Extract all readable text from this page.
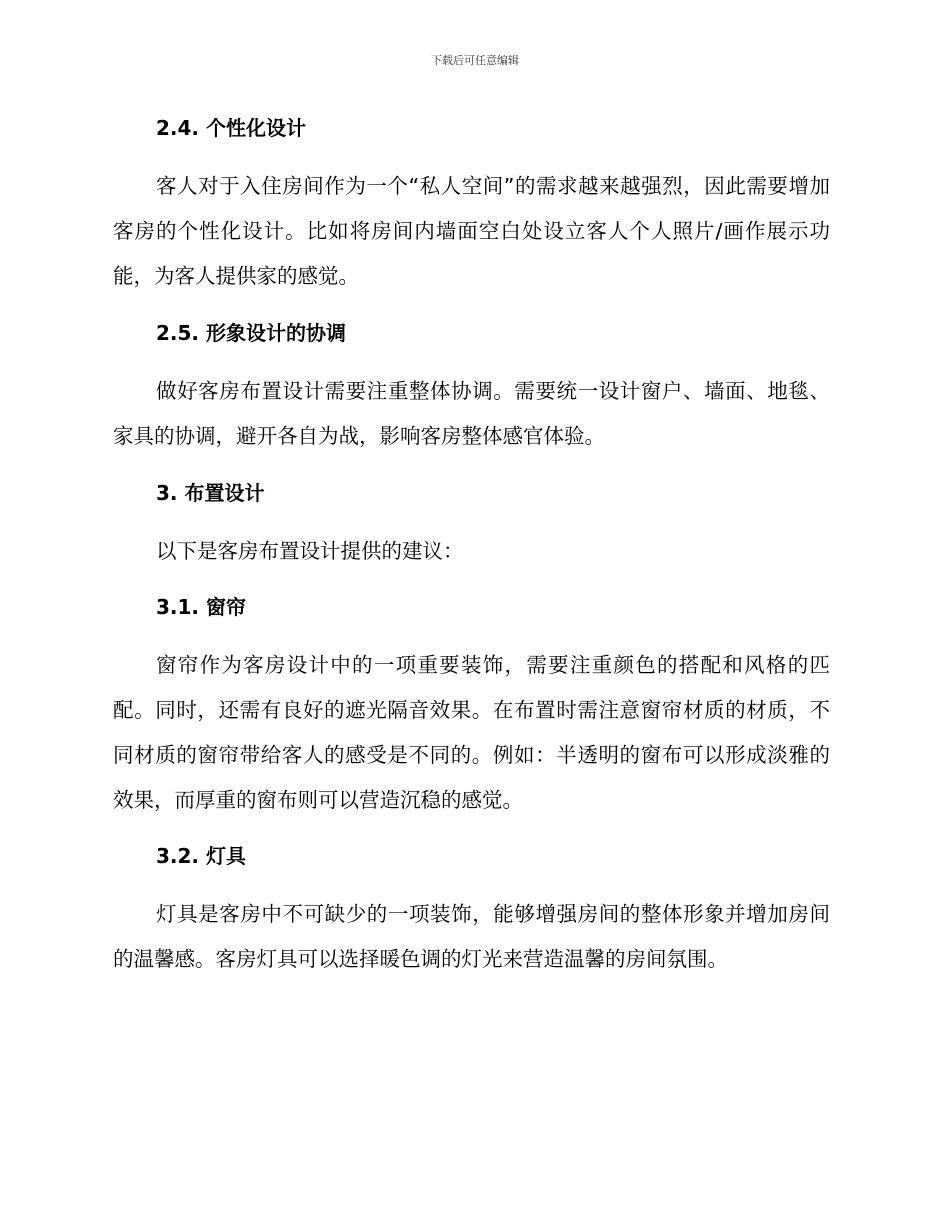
下载后可任意编辑
2.4. 个性化设计

客人对于入住房间作为一个“私人空间”的需求越来越强烈，因此需要增加客房的个性化设计。比如将房间内墙面空白处设立客人个人照片/画作展示功能，为客人提供家的感觉。

2.5. 形象设计的协调

做好客房布置设计需要注重整体协调。需要统一设计窗户、墙面、地毯、家具的协调，避开各自为战，影响客房整体感官体验。

3. 布置设计

以下是客房布置设计提供的建议：

3.1. 窗帘

窗帘作为客房设计中的一项重要装饰，需要注重颜色的搭配和风格的匹配。同时，还需有良好的遮光隔音效果。在布置时需注意窗帘材质的材质，不同材质的窗帘带给客人的感受是不同的。例如：半透明的窗布可以形成淡雅的效果，而厚重的窗布则可以营造沉稳的感觉。

3.2. 灯具

灯具是客房中不可缺少的一项装饰，能够增强房间的整体形象并增加房间的温馨感。客房灯具可以选择暖色调的灯光来营造温馨的房间氛围。
